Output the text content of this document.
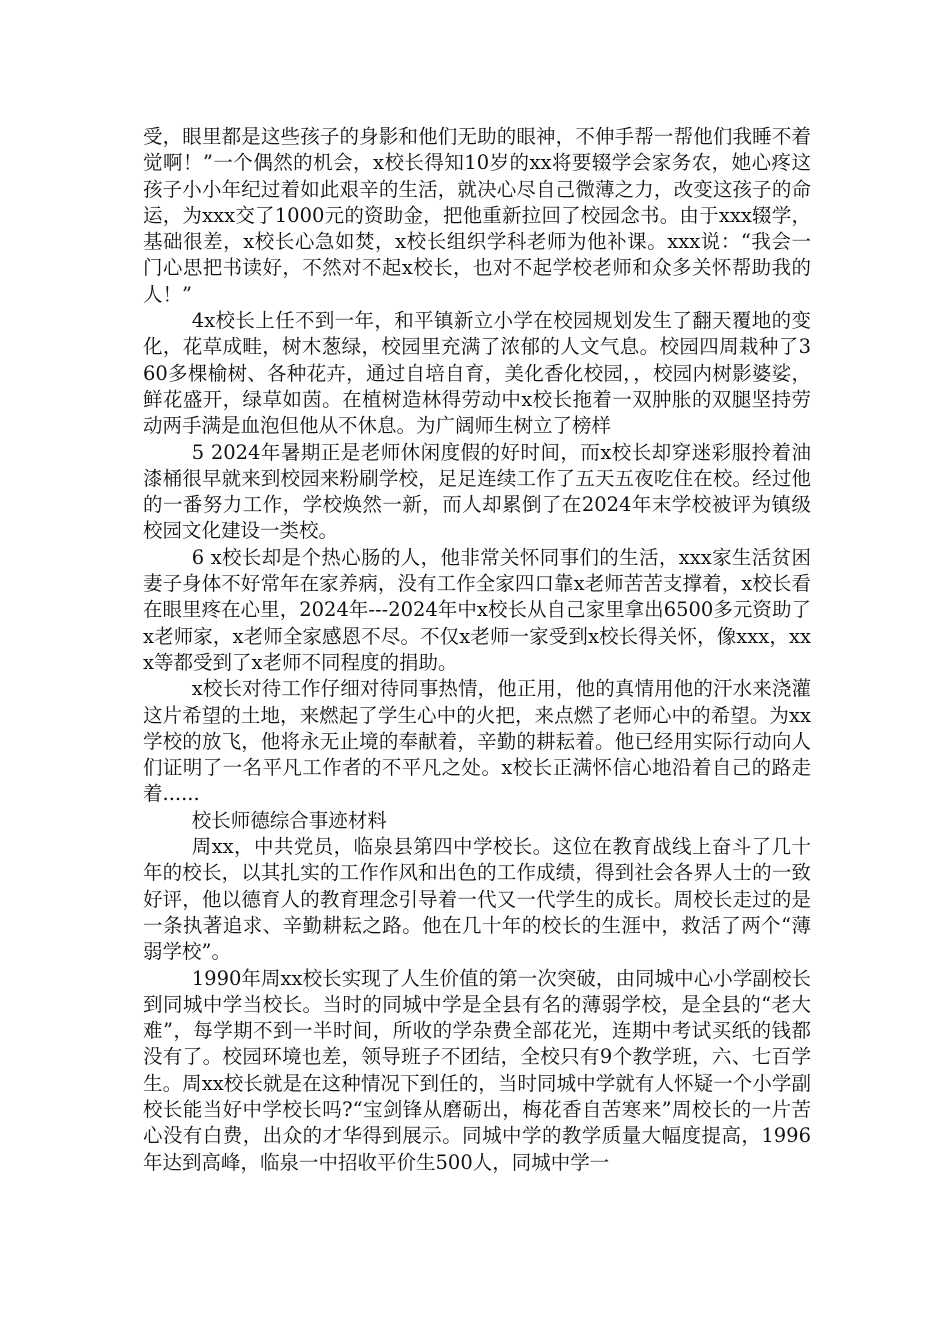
受，眼里都是这些孩子的身影和他们无助的眼神，不伸手帮一帮他们我睡不着觉啊！”一个偶然的机会，x校长得知10岁的xx将要辍学会家务农，她心疼这孩子小小年纪过着如此艰辛的生活，就决心尽自己微薄之力，改变这孩子的命运，为xxx交了1000元的资助金，把他重新拉回了校园念书。由于xxx辍学，基础很差，x校长心急如焚，x校长组织学科老师为他补课。xxx说：“我会一门心思把书读好，不然对不起x校长，也对不起学校老师和众多关怀帮助我的人！”

4x校长上任不到一年，和平镇新立小学在校园规划发生了翻天覆地的变化，花草成畦，树木葱绿，校园里充满了浓郁的人文气息。校园四周栽种了360多棵榆树、各种花卉，通过自培自育，美化香化校园，，校园内树影婆娑，鲜花盛开，绿草如茵。在植树造林得劳动中x校长拖着一双肿胀的双腿坚持劳动两手满是血泡但他从不休息。为广阔师生树立了榜样

5 2024年暑期正是老师休闲度假的好时间，而x校长却穿迷彩服拎着油漆桶很早就来到校园来粉刷学校，足足连续工作了五天五夜吃住在校。经过他的一番努力工作，学校焕然一新，而人却累倒了在2024年末学校被评为镇级校园文化建设一类校。

6 x校长却是个热心肠的人，他非常关怀同事们的生活，xxx家生活贫困妻子身体不好常年在家养病，没有工作全家四口靠x老师苦苦支撑着，x校长看在眼里疼在心里，2024年---2024年中x校长从自己家里拿出6500多元资助了x老师家，x老师全家感恩不尽。不仅x老师一家受到x校长得关怀，像xxx，xxx等都受到了x老师不同程度的捐助。

x校长对待工作仔细对待同事热情，他正用，他的真情用他的汗水来浇灌这片希望的土地，来燃起了学生心中的火把，来点燃了老师心中的希望。为xx学校的放飞，他将永无止境的奉献着，辛勤的耕耘着。他已经用实际行动向人们证明了一名平凡工作者的不平凡之处。x校长正满怀信心地沿着自己的路走着......

校长师德综合事迹材料

周xx，中共党员，临泉县第四中学校长。这位在教育战线上奋斗了几十年的校长，以其扎实的工作作风和出色的工作成绩，得到社会各界人士的一致好评，他以德育人的教育理念引导着一代又一代学生的成长。周校长走过的是一条执著追求、辛勤耕耘之路。他在几十年的校长的生涯中，救活了两个“薄弱学校”。

1990年周xx校长实现了人生价值的第一次突破，由同城中心小学副校长到同城中学当校长。当时的同城中学是全县有名的薄弱学校，是全县的“老大难”，每学期不到一半时间，所收的学杂费全部花光，连期中考试买纸的钱都没有了。校园环境也差，领导班子不团结，全校只有9个教学班，六、七百学生。周xx校长就是在这种情况下到任的，当时同城中学就有人怀疑一个小学副校长能当好中学校长吗?“宝剑锋从磨砺出，梅花香自苦寒来”周校长的一片苦心没有白费，出众的才华得到展示。同城中学的教学质量大幅度提高，1996年达到高峰，临泉一中招收平价生500人，同城中学一
